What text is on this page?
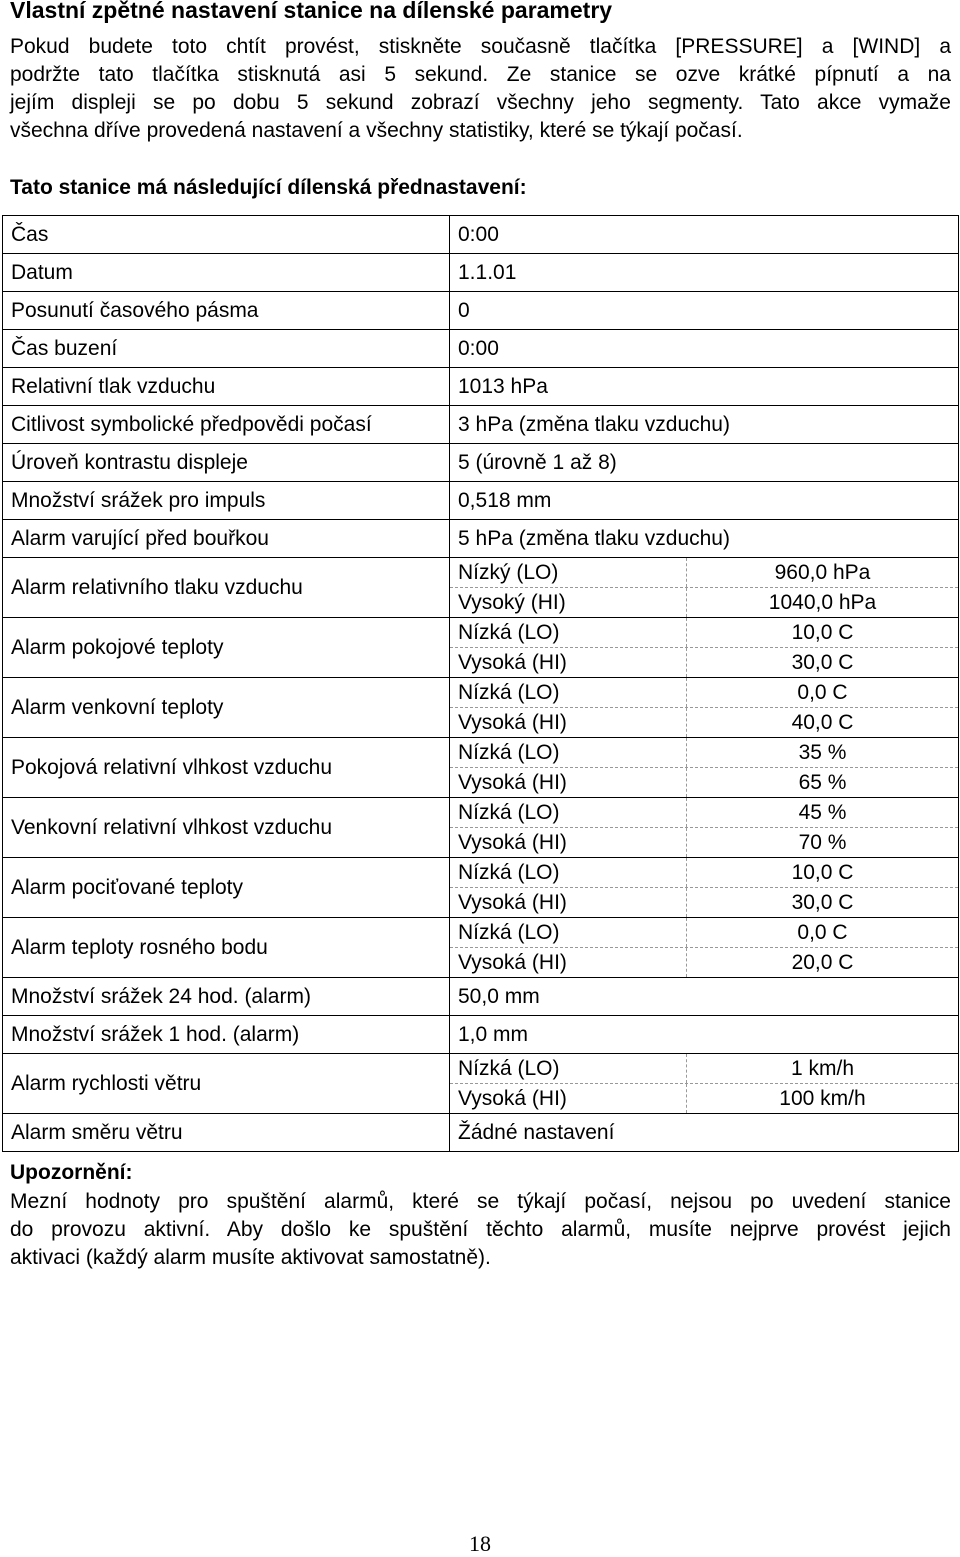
Vlastní zpětné nastavení stanice na dílenské parametry

Pokud budete toto chtít provést, stiskněte současně tlačítka [PRESSURE] a [WIND] a
podržte tato tlačítka stisknutá asi 5 sekund. Ze stanice se ozve krátké pípnutí a na
jejím displeji se po dobu 5 sekund zobrazí všechny jeho segmenty. Tato akce vymaže
všechna dříve provedená nastavení a všechny statistiky, které se týkají počasí.

Tato stanice má následující dílenská přednastavení:

Čas	0:00
Datum	1.1.01
Posunutí časového pásma	0
Čas buzení	0:00
Relativní tlak vzduchu	1013 hPa
Citlivost symbolické předpovědi počasí	3 hPa (změna tlaku vzduchu)
Úroveň kontrastu displeje	5 (úrovně 1 až 8)
Množství srážek pro impuls	0,518 mm
Alarm varující před bouřkou	5 hPa (změna tlaku vzduchu)
Alarm relativního tlaku vzduchu	Nízký (LO) 960,0 hPa
Vysoký (HI) 1040,0 hPa

Alarm pokojové teploty	Nízká (LO) 10,0 C
Vysoká (HI) 30,0 C

Alarm venkovní teploty	Nízká (LO) 0,0 C
Vysoká (HI) 40,0 C

Pokojová relativní vlhkost vzduchu	Nízká (LO) 35 %
Vysoká (HI) 65 %

Venkovní relativní vlhkost vzduchu	Nízká (LO) 45 %
Vysoká (HI) 70 %

Alarm pociťované teploty	Nízká (LO) 10,0 C
Vysoká (HI) 30,0 C

Alarm teploty rosného bodu	Nízká (LO) 0,0 C
Vysoká (HI) 20,0 C

Množství srážek 24 hod. (alarm)	50,0 mm
Množství srážek 1 hod. (alarm)	1,0 mm
Alarm rychlosti větru	Nízká (LO) 1 km/h
Vysoká (HI) 100 km/h

Alarm směru větru	Žádné nastavení

Upozornění:

Mezní hodnoty pro spuštění alarmů, které se týkají počasí, nejsou po uvedení stanice
do provozu aktivní. Aby došlo ke spuštění těchto alarmů, musíte nejprve provést jejich
aktivaci (každý alarm musíte aktivovat samostatně).

18
